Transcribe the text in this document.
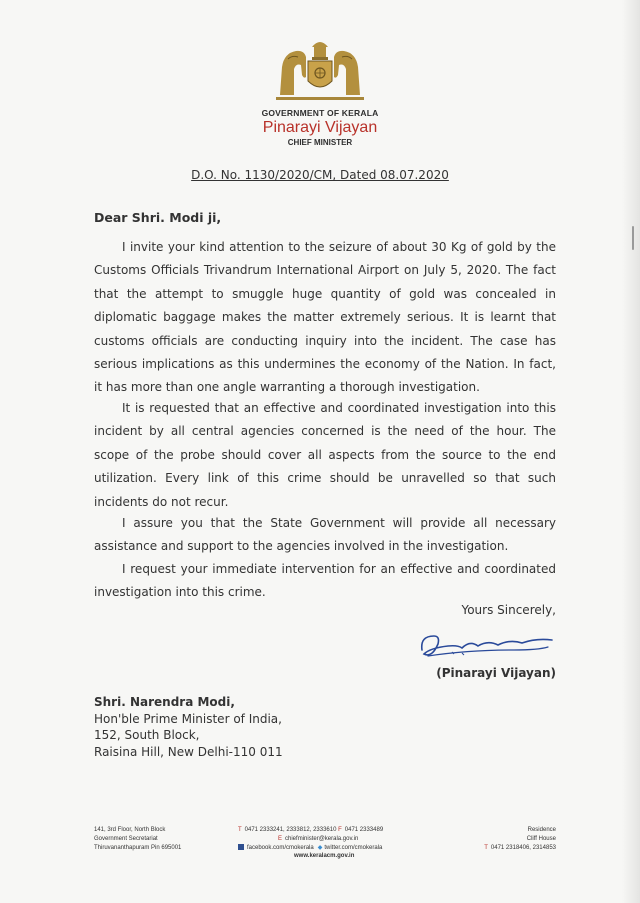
GOVERNMENT OF KERALA
Pinarayi Vijayan
CHIEF MINISTER
D.O. No. 1130/2020/CM, Dated 08.07.2020
Dear Shri. Modi ji,

I invite your kind attention to the seizure of about 30 Kg of gold by the Customs Officials Trivandrum International Airport on July 5, 2020. The fact that the attempt to smuggle huge quantity of gold was concealed in diplomatic baggage makes the matter extremely serious. It is learnt that customs officials are conducting inquiry into the incident. The case has serious implications as this undermines the economy of the Nation. In fact, it has more than one angle warranting a thorough investigation.

It is requested that an effective and coordinated investigation into this incident by all central agencies concerned is the need of the hour. The scope of the probe should cover all aspects from the source to the end utilization. Every link of this crime should be unravelled so that such incidents do not recur.

I assure you that the State Government will provide all necessary assistance and support to the agencies involved in the investigation.

I request your immediate intervention for an effective and coordinated investigation into this crime.

Yours Sincerely,
(Pinarayi Vijayan)
Shri. Narendra Modi,
Hon'ble Prime Minister of India,
152, South Block,
Raisina Hill, New Delhi-110 011
141, 3rd Floor, North Block
Government Secretariat
Thiruvananthapuram Pin 695001
T 0471 2333241, 2333812, 2333610 F 0471 2333489
E chiefminister@kerala.gov.in
facebook.com/cmokerala ◆ twitter.com/cmokerala
www.keralacm.gov.in
Residence
Cliff House
T 0471 2318406, 2314853
